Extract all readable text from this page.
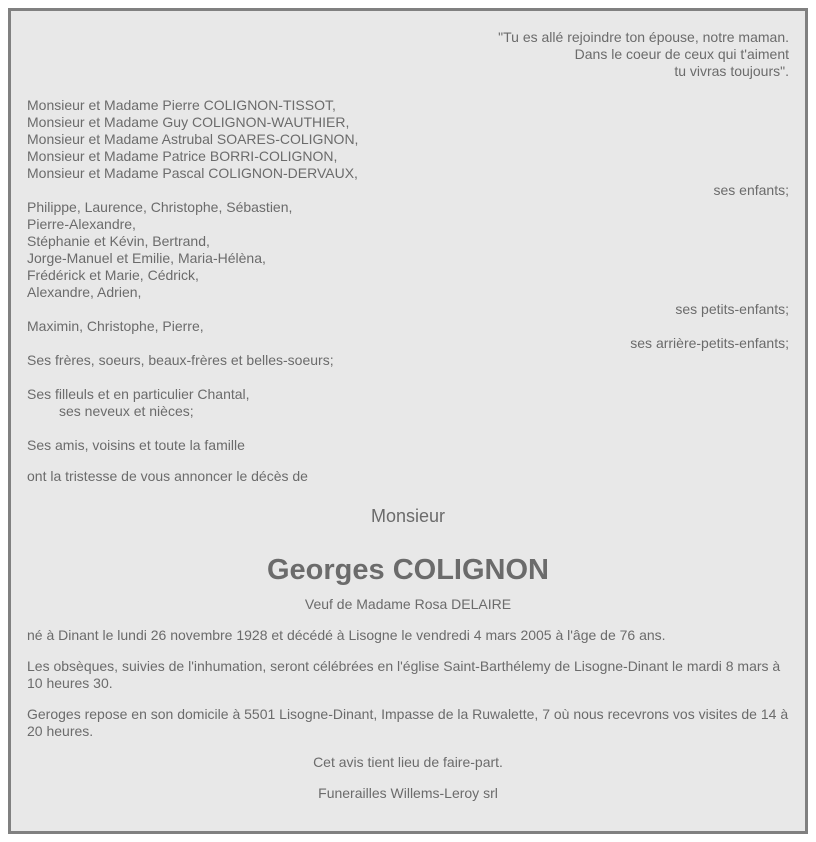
"Tu es allé rejoindre ton épouse, notre maman.
Dans le coeur de ceux qui t'aiment
tu vivras toujours".
Monsieur et Madame Pierre COLIGNON-TISSOT,
Monsieur et Madame Guy COLIGNON-WAUTHIER,
Monsieur et Madame Astrubal SOARES-COLIGNON,
Monsieur et Madame Patrice BORRI-COLIGNON,
Monsieur et Madame Pascal COLIGNON-DERVAUX,
ses enfants;
Philippe, Laurence, Christophe, Sébastien,
Pierre-Alexandre,
Stéphanie et Kévin, Bertrand,
Jorge-Manuel et Emilie, Maria-Hélèna,
Frédérick et Marie, Cédrick,
Alexandre, Adrien,
ses petits-enfants;
Maximin, Christophe, Pierre,
ses arrière-petits-enfants;
Ses frères, soeurs, beaux-frères et belles-soeurs;
Ses filleuls et en particulier Chantal,
ses neveux et nièces;
Ses amis, voisins et toute la famille
ont la tristesse de vous annoncer le décès de
Monsieur
Georges COLIGNON
Veuf de Madame Rosa DELAIRE
né à Dinant le lundi 26 novembre 1928 et décédé à Lisogne le vendredi 4 mars 2005 à l'âge de 76 ans.
Les obsèques, suivies de l'inhumation, seront célébrées en l'église Saint-Barthélemy de Lisogne-Dinant le mardi 8 mars à 10 heures 30.
Geroges repose en son domicile à 5501 Lisogne-Dinant, Impasse de la Ruwalette, 7 où nous recevrons vos visites de 14 à 20 heures.
Cet avis tient lieu de faire-part.
Funerailles Willems-Leroy srl
